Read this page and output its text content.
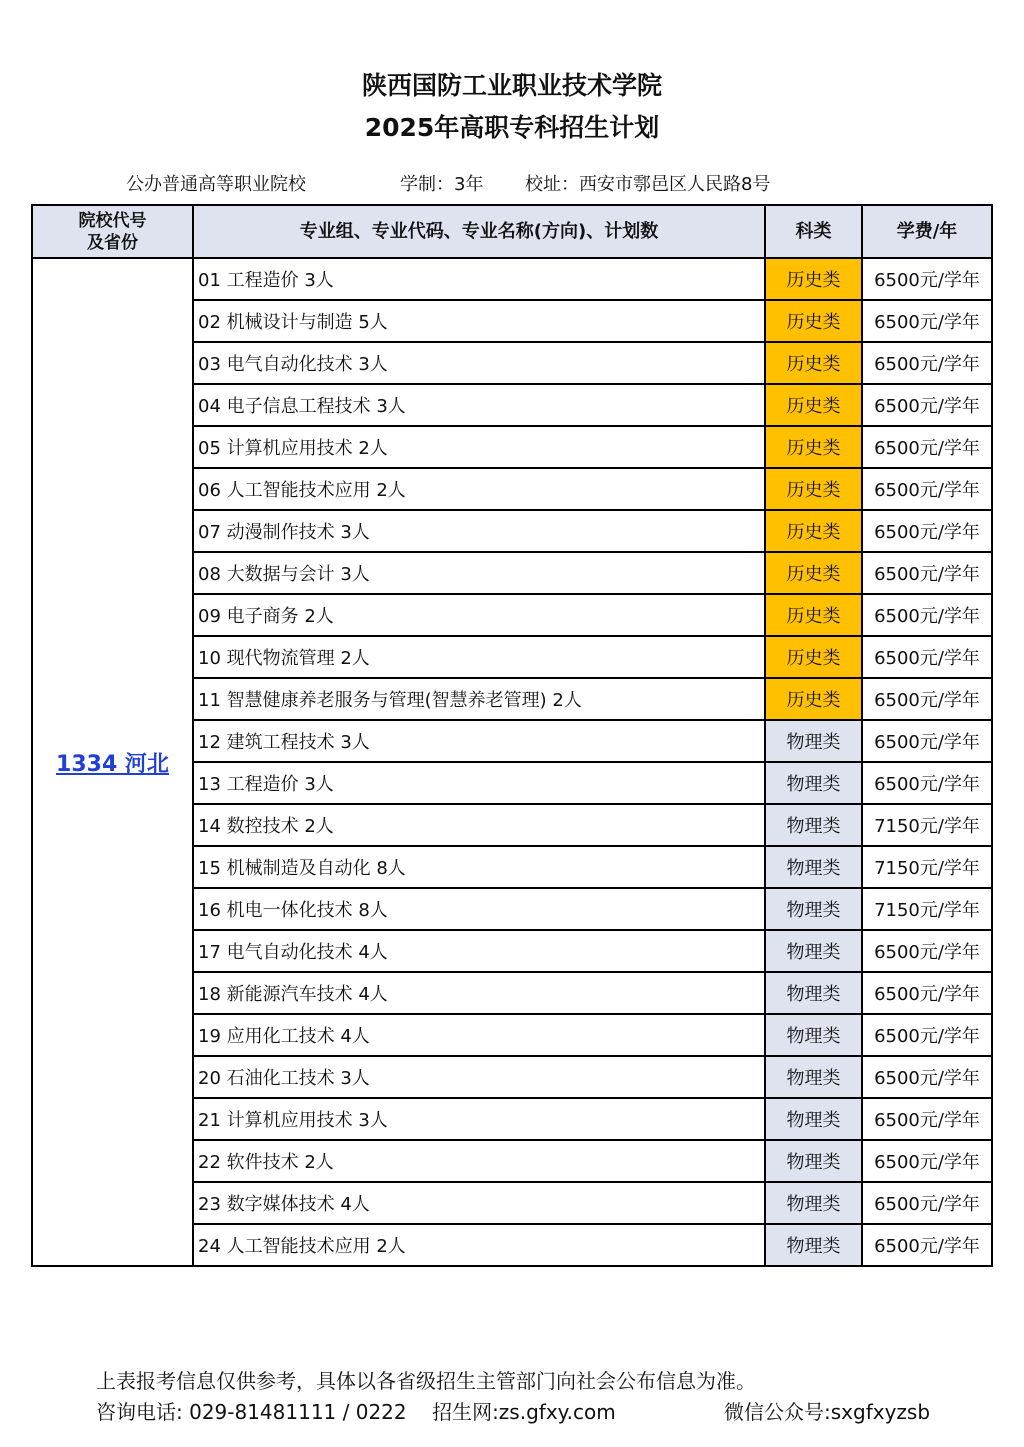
陕西国防工业职业技术学院
2025年高职专科招生计划
公办普通高等职业院校	学制：3年 校址：西安市鄠邑区人民路8号
院校代号
及省份	专业组、专业代码、专业名称(方向)、计划数	科类	学费/年
1334 河北	01 工程造价 3人	历史类	6500元/学年
	02 机械设计与制造 5人	历史类	6500元/学年
	03 电气自动化技术 3人	历史类	6500元/学年
	04 电子信息工程技术 3人	历史类	6500元/学年
	05 计算机应用技术 2人	历史类	6500元/学年
	06 人工智能技术应用 2人	历史类	6500元/学年
	07 动漫制作技术 3人	历史类	6500元/学年
	08 大数据与会计 3人	历史类	6500元/学年
	09 电子商务 2人	历史类	6500元/学年
	10 现代物流管理 2人	历史类	6500元/学年
	11 智慧健康养老服务与管理(智慧养老管理) 2人	历史类	6500元/学年
	12 建筑工程技术 3人	物理类	6500元/学年
	13 工程造价 3人	物理类	6500元/学年
	14 数控技术 2人	物理类	7150元/学年
	15 机械制造及自动化 8人	物理类	7150元/学年
	16 机电一体化技术 8人	物理类	7150元/学年
	17 电气自动化技术 4人	物理类	6500元/学年
	18 新能源汽车技术 4人	物理类	6500元/学年
	19 应用化工技术 4人	物理类	6500元/学年
	20 石油化工技术 3人	物理类	6500元/学年
	21 计算机应用技术 3人	物理类	6500元/学年
	22 软件技术 2人	物理类	6500元/学年
	23 数字媒体技术 4人	物理类	6500元/学年
	24 人工智能技术应用 2人	物理类	6500元/学年
上表报考信息仅供参考，具体以各省级招生主管部门向社会公布信息为准。
咨询电话: 029-81481111 / 0222    招生网:zs.gfxy.com	微信公众号:sxgfxyzsb
